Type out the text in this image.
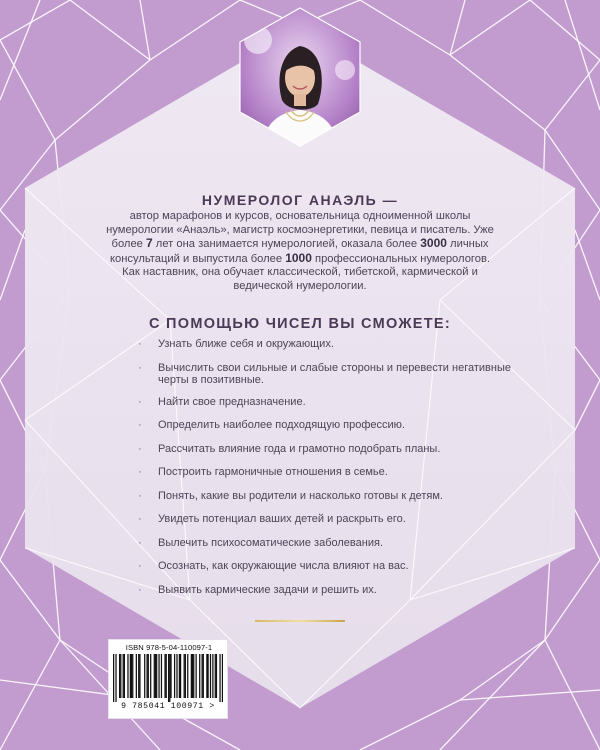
НУМЕРОЛОГ АНАЭЛЬ —
автор марафонов и курсов, основательница одноименной школы нумерологии «Анаэль», магистр космоэнергетики, певица и писатель. Уже более 7 лет она занимается нумерологией, оказала более 3000 личных консультаций и выпустила более 1000 профессиональных нумерологов. Как наставник, она обучает классической, тибетской, кармической и ведической нумерологии.
С ПОМОЩЬЮ ЧИСЕЛ ВЫ СМОЖЕТЕ:
· Узнать ближе себя и окружающих.
· Вычислить свои сильные и слабые стороны и перевести негативные черты в позитивные.
· Найти свое предназначение.
· Определить наиболее подходящую профессию.
· Рассчитать влияние года и грамотно подобрать планы.
· Построить гармоничные отношения в семье.
· Понять, какие вы родители и насколько готовы к детям.
· Увидеть потенциал ваших детей и раскрыть его.
· Вылечить психосоматические заболевания.
· Осознать, как окружающие числа влияют на вас.
· Выявить кармические задачи и решить их.
ISBN 978-5-04-110097-1
9 785041 100971 >
